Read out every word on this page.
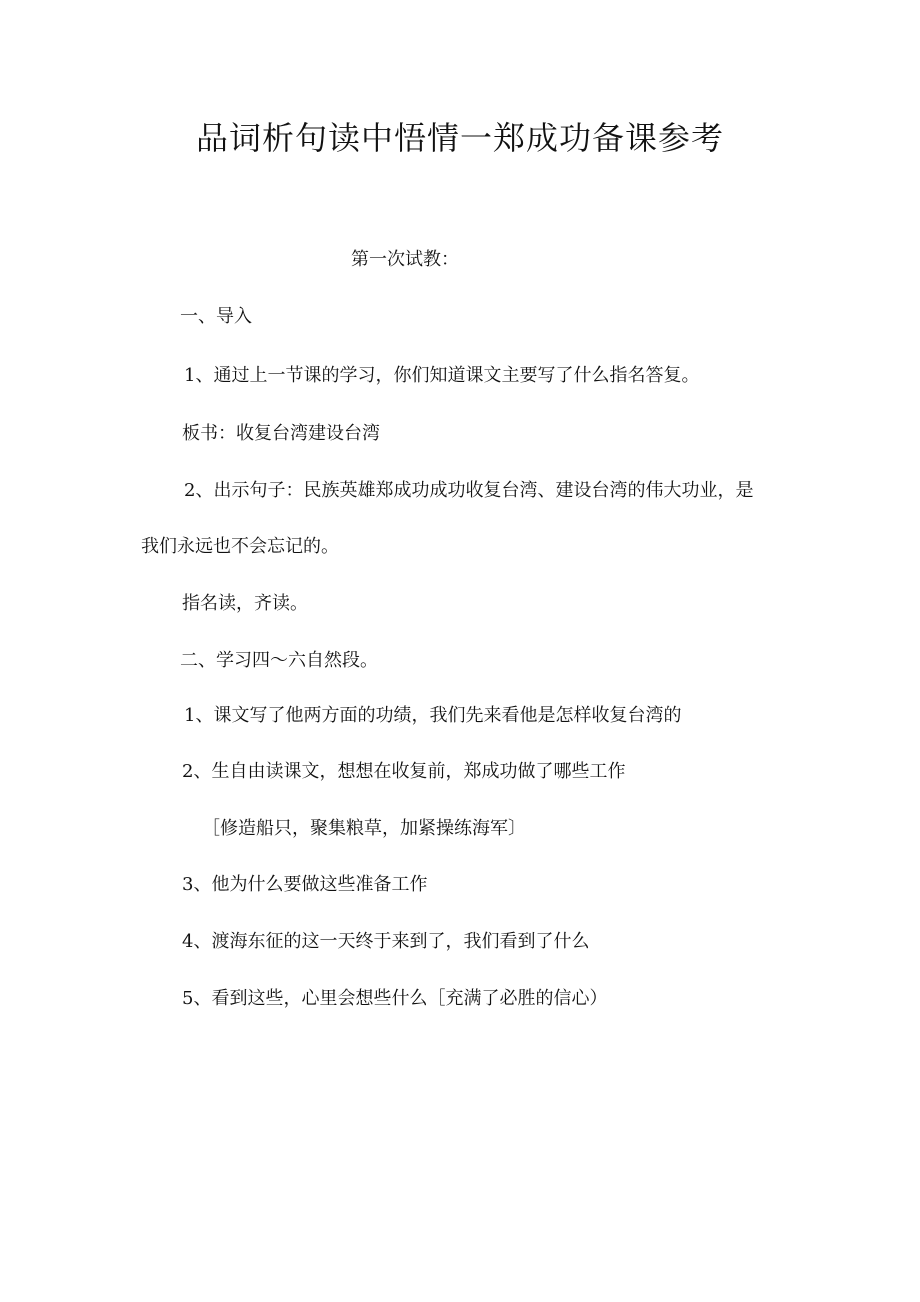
品词析句读中悟情一郑成功备课参考
第一次试教：
一、导入
1、通过上一节课的学习，你们知道课文主要写了什么指名答复。
板书：收复台湾建设台湾
2、出示句子：民族英雄郑成功成功收复台湾、建设台湾的伟大功业，是
我们永远也不会忘记的。
指名读，齐读。
二、学习四～六自然段。
1、课文写了他两方面的功绩，我们先来看他是怎样收复台湾的
2、生自由读课文，想想在收复前，郑成功做了哪些工作
［修造船只，聚集粮草，加紧操练海军〕
3、他为什么要做这些准备工作
4、渡海东征的这一天终于来到了，我们看到了什么
5、看到这些，心里会想些什么［充满了必胜的信心）
